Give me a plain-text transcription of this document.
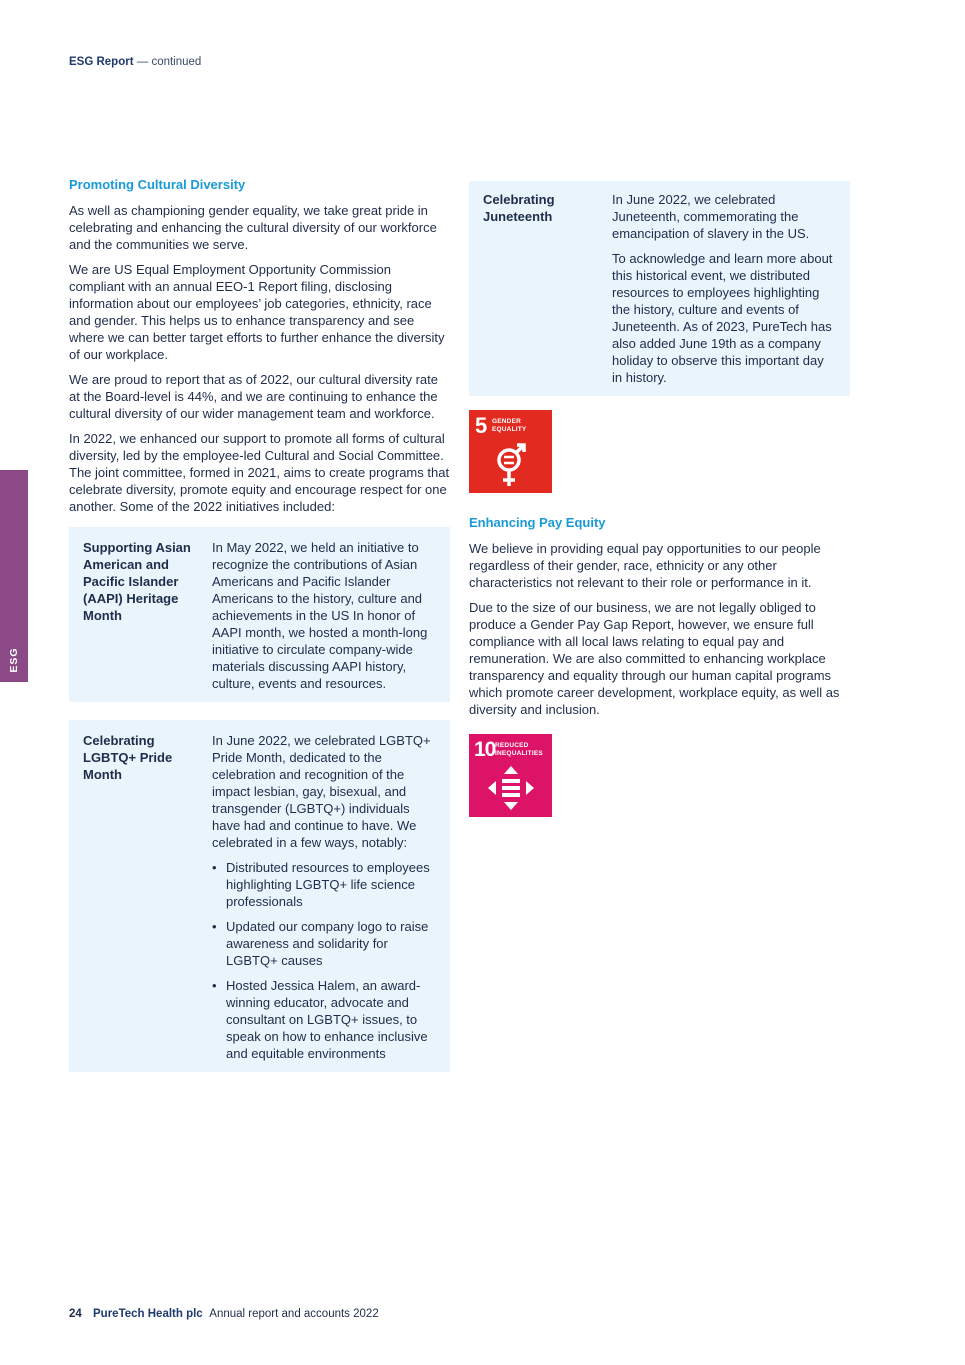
ESG Report — continued
ESG
Promoting Cultural Diversity

As well as championing gender equality, we take great pride in celebrating and enhancing the cultural diversity of our workforce and the communities we serve.

We are US Equal Employment Opportunity Commission compliant with an annual EEO-1 Report filing, disclosing information about our employees’ job categories, ethnicity, race and gender. This helps us to enhance transparency and see where we can better target efforts to further enhance the diversity of our workplace.

We are proud to report that as of 2022, our cultural diversity rate at the Board-level is 44%, and we are continuing to enhance the cultural diversity of our wider management team and workforce.

In 2022, we enhanced our support to promote all forms of cultural diversity, led by the employee-led Cultural and Social Committee. The joint committee, formed in 2021, aims to create programs that celebrate diversity, promote equity and encourage respect for one another. Some of the 2022 initiatives included:

Supporting Asian American and Pacific Islander (AAPI) Heritage Month

In May 2022, we held an initiative to recognize the contributions of Asian Americans and Pacific Islander Americans to the history, culture and achievements in the US In honor of AAPI month, we hosted a month-long initiative to circulate company-wide materials discussing AAPI history, culture, events and resources.

Celebrating LGBTQ+ Pride Month

In June 2022, we celebrated LGBTQ+ Pride Month, dedicated to the celebration and recognition of the impact lesbian, gay, bisexual, and transgender (LGBTQ+) individuals have had and continue to have. We celebrated in a few ways, notably:

• Distributed resources to employees highlighting LGBTQ+ life science professionals
• Updated our company logo to raise awareness and solidarity for LGBTQ+ causes
• Hosted Jessica Halem, an award-winning educator, advocate and consultant on LGBTQ+ issues, to speak on how to enhance inclusive and equitable environments
Celebrating Juneteenth

In June 2022, we celebrated Juneteenth, commemorating the emancipation of slavery in the US.

To acknowledge and learn more about this historical event, we distributed resources to employees highlighting the history, culture and events of Juneteenth. As of 2023, PureTech has also added June 19th as a company holiday to observe this important day in history.

5 GENDER
EQUALITY
Enhancing Pay Equity

We believe in providing equal pay opportunities to our people regardless of their gender, race, ethnicity or any other characteristics not relevant to their role or performance in it.

Due to the size of our business, we are not legally obliged to produce a Gender Pay Gap Report, however, we ensure full compliance with all local laws relating to equal pay and remuneration. We are also committed to enhancing workplace transparency and equality through our human capital programs which promote career development, workplace equity, as well as diversity and inclusion.

10 REDUCED
INEQUALITIES
24 PureTech Health plc Annual report and accounts 2022
